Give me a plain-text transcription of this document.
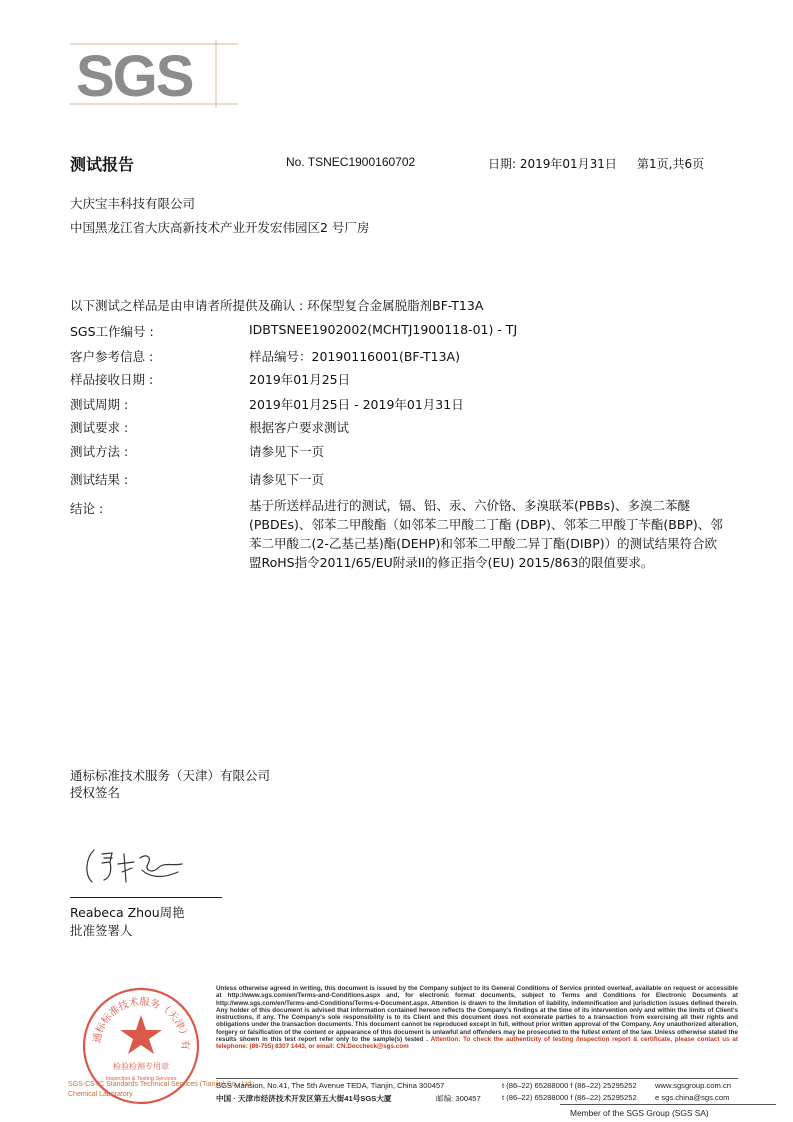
SGS
测试报告	No. TSNEC1900160702	日期: 2019年01月31日 第1页,共6页
大庆宝丰科技有限公司
中国黑龙江省大庆高新技术产业开发宏伟园区2 号厂房
以下测试之样品是由申请者所提供及确认 : 环保型复合金属脱脂剂BF-T13A
SGS工作编号 :	IDBTSNEE1902002(MCHTJ1900118-01) - TJ
客户参考信息 :	样品编号：20190116001(BF-T13A)
样品接收日期 :	2019年01月25日
测试周期 :	2019年01月25日 - 2019年01月31日
测试要求 :	根据客户要求测试
测试方法 :	请参见下一页
测试结果 :	请参见下一页
结论 :	基于所送样品进行的测试，镉、铅、汞、六价铬、多溴联苯(PBBs)、多溴二苯醚(PBDEs)、邻苯二甲酸酯（如邻苯二甲酸二丁酯 (DBP)、邻苯二甲酸丁苄酯(BBP)、邻苯二甲酸二(2-乙基己基)酯(DEHP)和邻苯二甲酸二异丁酯(DIBP)）的测试结果符合欧盟RoHS指令2011/65/EU附录II的修正指令(EU) 2015/863的限值要求。
通标标准技术服务（天津）有限公司
授权签名
Reabeca Zhou周艳
批准签署人
通标标准技术服务（天津）有
检验检测专用章
Inspection & Testing Services
SGS-CSTC Standards Technical Services (Tianjin) Co., Ltd.
Chemical Laboratory
Unless otherwise agreed in writing, this document is issued by the Company subject to its General Conditions of Service printed overleaf, available on request or accessible at http://www.sgs.com/en/Terms-and-Conditions.aspx and, for electronic format documents, subject to Terms and Conditions for Electronic Documents at http://www.sgs.com/en/Terms-and-Conditions/Terms-e-Document.aspx. Attention is drawn to the limitation of liability, indemnification and jurisdiction issues defined therein. Any holder of this document is advised that information contained hereon reflects the Company's findings at the time of its intervention only and within the limits of Client's instructions, if any. The Company's sole responsibility is to its Client and this document does not exonerate parties to a transaction from exercising all their rights and obligations under the transaction documents. This document cannot be reproduced except in full, without prior written approval of the Company. Any unauthorized alteration, forgery or falsification of the content or appearance of this document is unlawful and offenders may be prosecuted to the fullest extent of the law. Unless otherwise stated the results shown in this test report refer only to the sample(s) tested . Attention: To check the authenticity of testing /inspection report & certificate, please contact us at telephone: (86-755) 8307 1443, or email: CN.Doccheck@sgs.com
SGS Mansion, No.41, The 5th Avenue TEDA, Tianjin, China 300457	t (86–22) 65288000 f (86–22) 25295252 www.sgsgroup.com.cn
中国 · 天津市经济技术开发区第五大街41号SGS大厦	邮编: 300457	t (86–22) 65288000 f (86–22) 25295252 e sgs.china@sgs.com
Member of the SGS Group (SGS SA)
